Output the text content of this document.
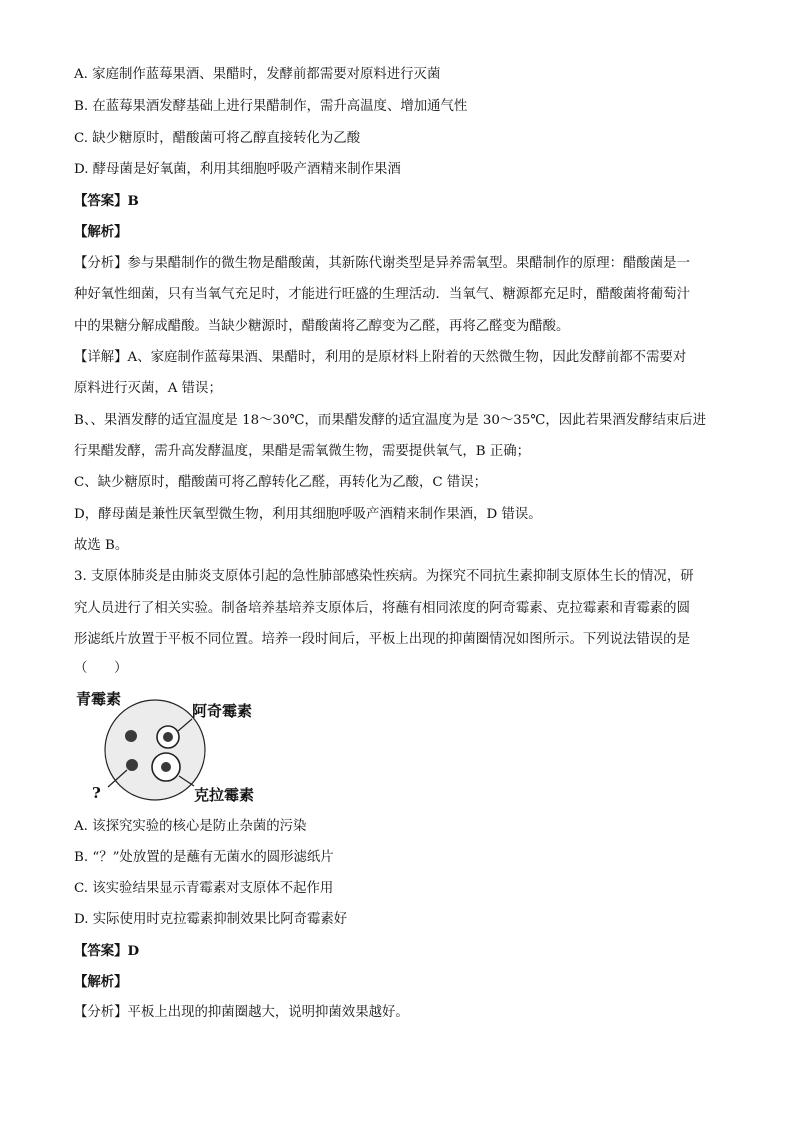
A. 家庭制作蓝莓果酒、果醋时，发酵前都需要对原料进行灭菌
B. 在蓝莓果酒发酵基础上进行果醋制作，需升高温度、增加通气性
C. 缺少糖原时，醋酸菌可将乙醇直接转化为乙酸
D. 酵母菌是好氧菌，利用其细胞呼吸产酒精来制作果酒
【答案】B
【解析】
【分析】参与果醋制作的微生物是醋酸菌，其新陈代谢类型是异养需氧型。果醋制作的原理：醋酸菌是一
种好氧性细菌，只有当氧气充足时，才能进行旺盛的生理活动．当氧气、糖源都充足时，醋酸菌将葡萄汁
中的果糖分解成醋酸。当缺少糖源时，醋酸菌将乙醇变为乙醛，再将乙醛变为醋酸。
【详解】A、家庭制作蓝莓果酒、果醋时，利用的是原材料上附着的天然微生物，因此发酵前都不需要对
原料进行灭菌，A 错误；
B、、果酒发酵的适宜温度是 18～30℃，而果醋发酵的适宜温度为是 30～35℃，因此若果酒发酵结束后进
行果醋发酵，需升高发酵温度，果醋是需氧微生物，需要提供氧气，B 正确；
C、缺少糖原时，醋酸菌可将乙醇转化乙醛，再转化为乙酸，C 错误；
D，酵母菌是兼性厌氧型微生物，利用其细胞呼吸产酒精来制作果酒，D 错误。
故选 B。
3. 支原体肺炎是由肺炎支原体引起的急性肺部感染性疾病。为探究不同抗生素抑制支原体生长的情况，研
究人员进行了相关实验。制备培养基培养支原体后，将蘸有相同浓度的阿奇霉素、克拉霉素和青霉素的圆
形滤纸片放置于平板不同位置。培养一段时间后，平板上出现的抑菌圈情况如图所示。下列说法错误的是
（　　）
青霉素
阿奇霉素
?	克拉霉素
A. 该探究实验的核心是防止杂菌的污染
B. “？”处放置的是蘸有无菌水的圆形滤纸片
C. 该实验结果显示青霉素对支原体不起作用
D. 实际使用时克拉霉素抑制效果比阿奇霉素好
【答案】D
【解析】
【分析】平板上出现的抑菌圈越大，说明抑菌效果越好。
